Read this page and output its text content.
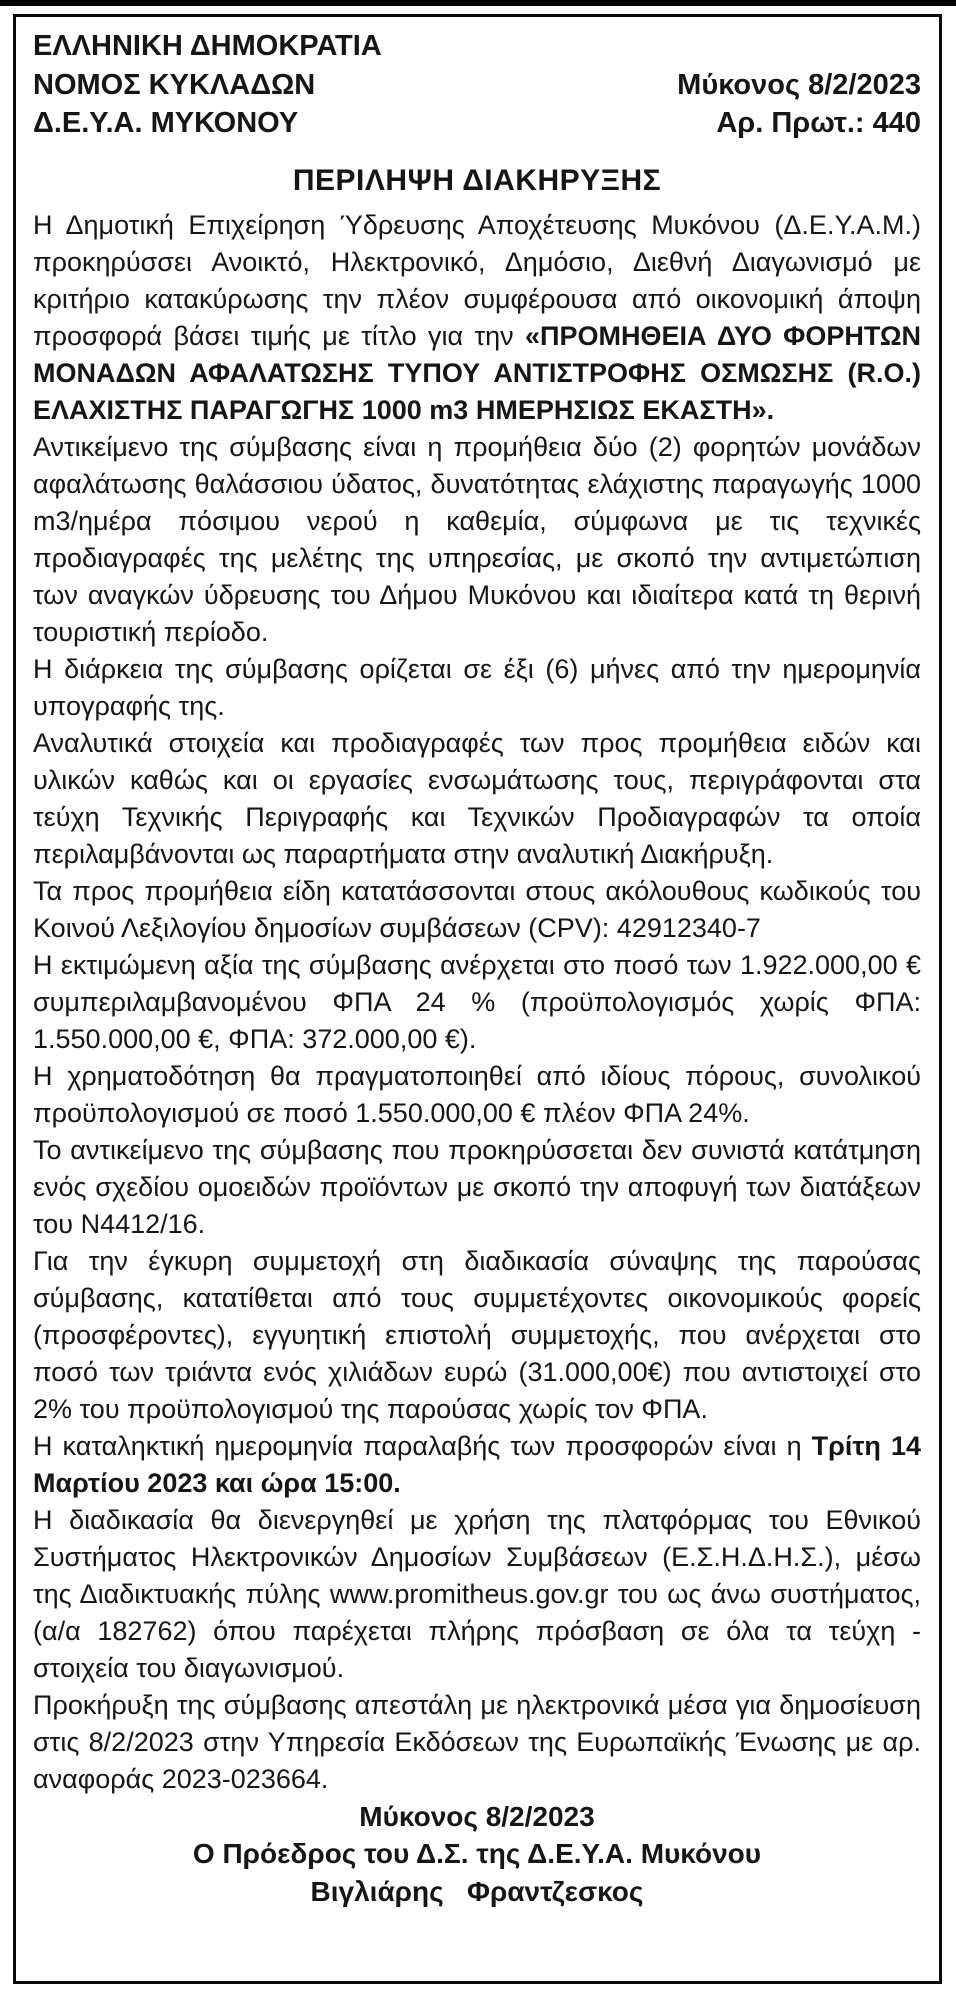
ΕΛΛΗΝΙΚΗ ΔΗΜΟΚΡΑΤΙΑ
ΝΟΜΟΣ ΚΥΚΛΑΔΩΝ	Μύκονος 8/2/2023
Δ.Ε.Υ.Α. ΜΥΚΟΝΟΥ	Αρ. Πρωτ.: 440
ΠΕΡΙΛΗΨΗ ΔΙΑΚΗΡΥΞΗΣ

Η Δημοτική Επιχείρηση Ύδρευσης Αποχέτευσης Μυκόνου (Δ.Ε.Υ.Α.Μ.) προκηρύσσει Ανοικτό, Ηλεκτρονικό, Δημόσιο, Διεθνή Διαγωνισμό με κριτήριο κατακύρωσης την πλέον συμφέρουσα από οικονομική άποψη προσφορά βάσει τιμής με τίτλο για την «ΠΡΟΜΗΘΕΙΑ ΔΥΟ ΦΟΡΗΤΩΝ ΜΟΝΑΔΩΝ ΑΦΑΛΑΤΩΣΗΣ ΤΥΠΟΥ ΑΝΤΙΣΤΡΟΦΗΣ ΟΣΜΩΣΗΣ (R.O.) ΕΛΑΧΙΣΤΗΣ ΠΑΡΑΓΩΓΗΣ 1000 m3 ΗΜΕΡΗΣΙΩΣ ΕΚΑΣΤΗ».

Αντικείμενο της σύμβασης είναι η προμήθεια δύο (2) φορητών μονάδων αφαλάτωσης θαλάσσιου ύδατος, δυνατότητας ελάχιστης παραγωγής 1000 m3/ημέρα πόσιμου νερού η καθεμία, σύμφωνα με τις τεχνικές προδιαγραφές της μελέτης της υπηρεσίας, με σκοπό την αντιμετώπιση των αναγκών ύδρευσης του Δήμου Μυκόνου και ιδιαίτερα κατά τη θερινή τουριστική περίοδο.

Η διάρκεια της σύμβασης ορίζεται σε έξι (6) μήνες από την ημερομηνία υπογραφής της.

Αναλυτικά στοιχεία και προδιαγραφές των προς προμήθεια ειδών και υλικών καθώς και οι εργασίες ενσωμάτωσης τους, περιγράφονται στα τεύχη Τεχνικής Περιγραφής και Τεχνικών Προδιαγραφών τα οποία περιλαμβάνονται ως παραρτήματα στην αναλυτική Διακήρυξη.

Τα προς προμήθεια είδη κατατάσσονται στους ακόλουθους κωδικούς του Κοινού Λεξιλογίου δημοσίων συμβάσεων (CPV): 42912340-7

Η εκτιμώμενη αξία της σύμβασης ανέρχεται στο ποσό των 1.922.000,00 € συμπεριλαμβανομένου ΦΠΑ 24 % (προϋπολογισμός χωρίς ΦΠΑ: 1.550.000,00 €, ΦΠΑ: 372.000,00 €).

Η χρηματοδότηση θα πραγματοποιηθεί από ιδίους πόρους, συνολικού προϋπολογισμού σε ποσό 1.550.000,00 € πλέον ΦΠΑ 24%.

Το αντικείμενο της σύμβασης που προκηρύσσεται δεν συνιστά κατάτμηση ενός σχεδίου ομοειδών προϊόντων με σκοπό την αποφυγή των διατάξεων του Ν4412/16.

Για την έγκυρη συμμετοχή στη διαδικασία σύναψης της παρούσας σύμβασης, κατατίθεται από τους συμμετέχοντες οικονομικούς φορείς (προσφέροντες), εγγυητική επιστολή συμμετοχής, που ανέρχεται στο ποσό των τριάντα ενός χιλιάδων ευρώ (31.000,00€) που αντιστοιχεί στο 2% του προϋπολογισμού της παρούσας χωρίς τον ΦΠΑ.

Η καταληκτική ημερομηνία παραλαβής των προσφορών είναι η Τρίτη 14 Μαρτίου 2023 και ώρα 15:00.

Η διαδικασία θα διενεργηθεί με χρήση της πλατφόρμας του Εθνικού Συστήματος Ηλεκτρονικών Δημοσίων Συμβάσεων (Ε.Σ.Η.Δ.Η.Σ.), μέσω της Διαδικτυακής πύλης www.promitheus.gov.gr του ως άνω συστήματος, (α/α 182762) όπου παρέχεται πλήρης πρόσβαση σε όλα τα τεύχη - στοιχεία του διαγωνισμού.

Προκήρυξη της σύμβασης απεστάλη με ηλεκτρονικά μέσα για δημοσίευση στις 8/2/2023 στην Υπηρεσία Εκδόσεων της Ευρωπαϊκής Ένωσης με αρ. αναφοράς 2023-023664.

Μύκονος 8/2/2023
Ο Πρόεδρος του Δ.Σ. της Δ.Ε.Υ.Α. Μυκόνου
Βιγλιάρης   Φραντζεσκος
